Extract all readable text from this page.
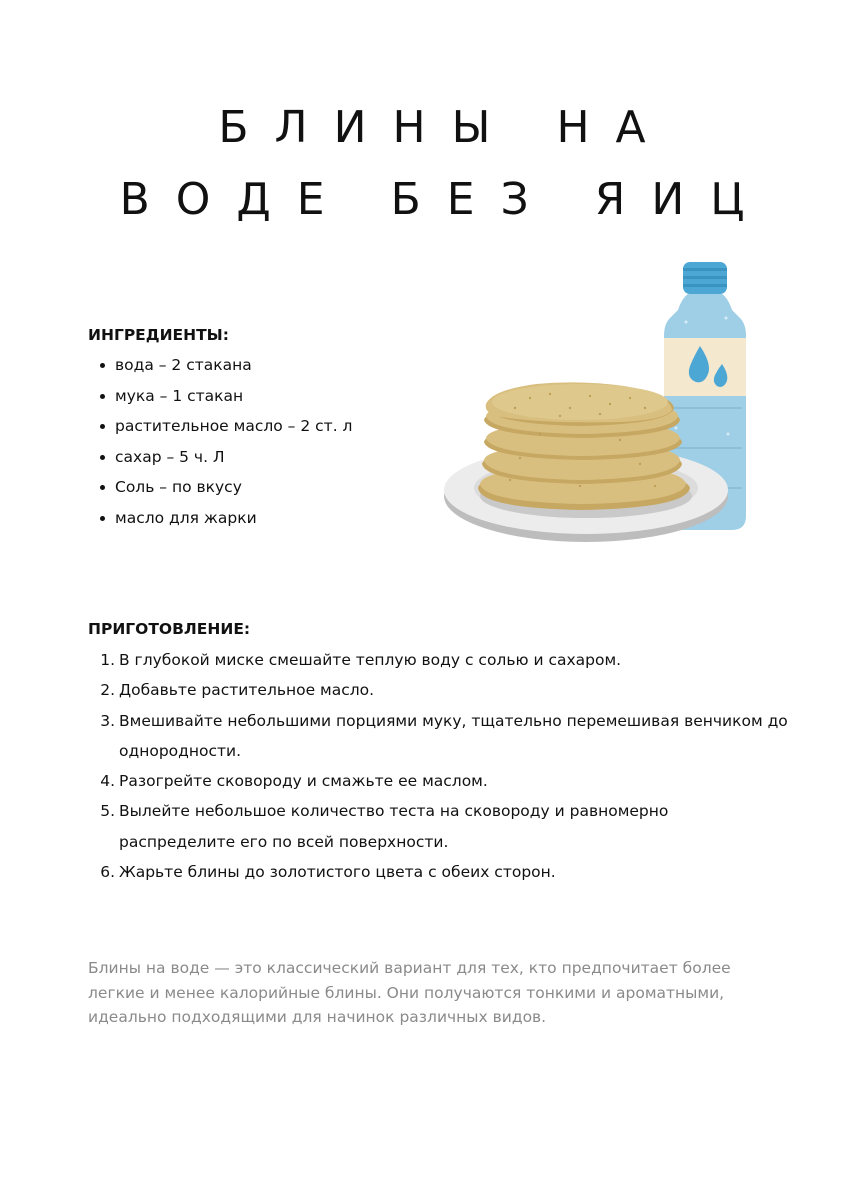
БЛИНЫ НА
ВОДЕ БЕЗ ЯИЦ
ИНГРЕДИЕНТЫ:
вода – 2 стакана
мука – 1 стакан
растительное масло – 2 ст. л
сахар – 5 ч. Л
Соль – по вкусу
масло для жарки
ПРИГОТОВЛЕНИЕ:
1. В глубокой миске смешайте теплую воду с солью и сахаром.
2. Добавьте растительное масло.
3. Вмешивайте небольшими порциями муку, тщательно перемешивая венчиком до
однородности.
4. Разогрейте сковороду и смажьте ее маслом.
5. Вылейте небольшое количество теста на сковороду и равномерно
распределите его по всей поверхности.
6. Жарьте блины до золотистого цвета с обеих сторон.

Блины на воде — это классический вариант для тех, кто предпочитает более
легкие и менее калорийные блины. Они получаются тонкими и ароматными,
идеально подходящими для начинок различных видов.
